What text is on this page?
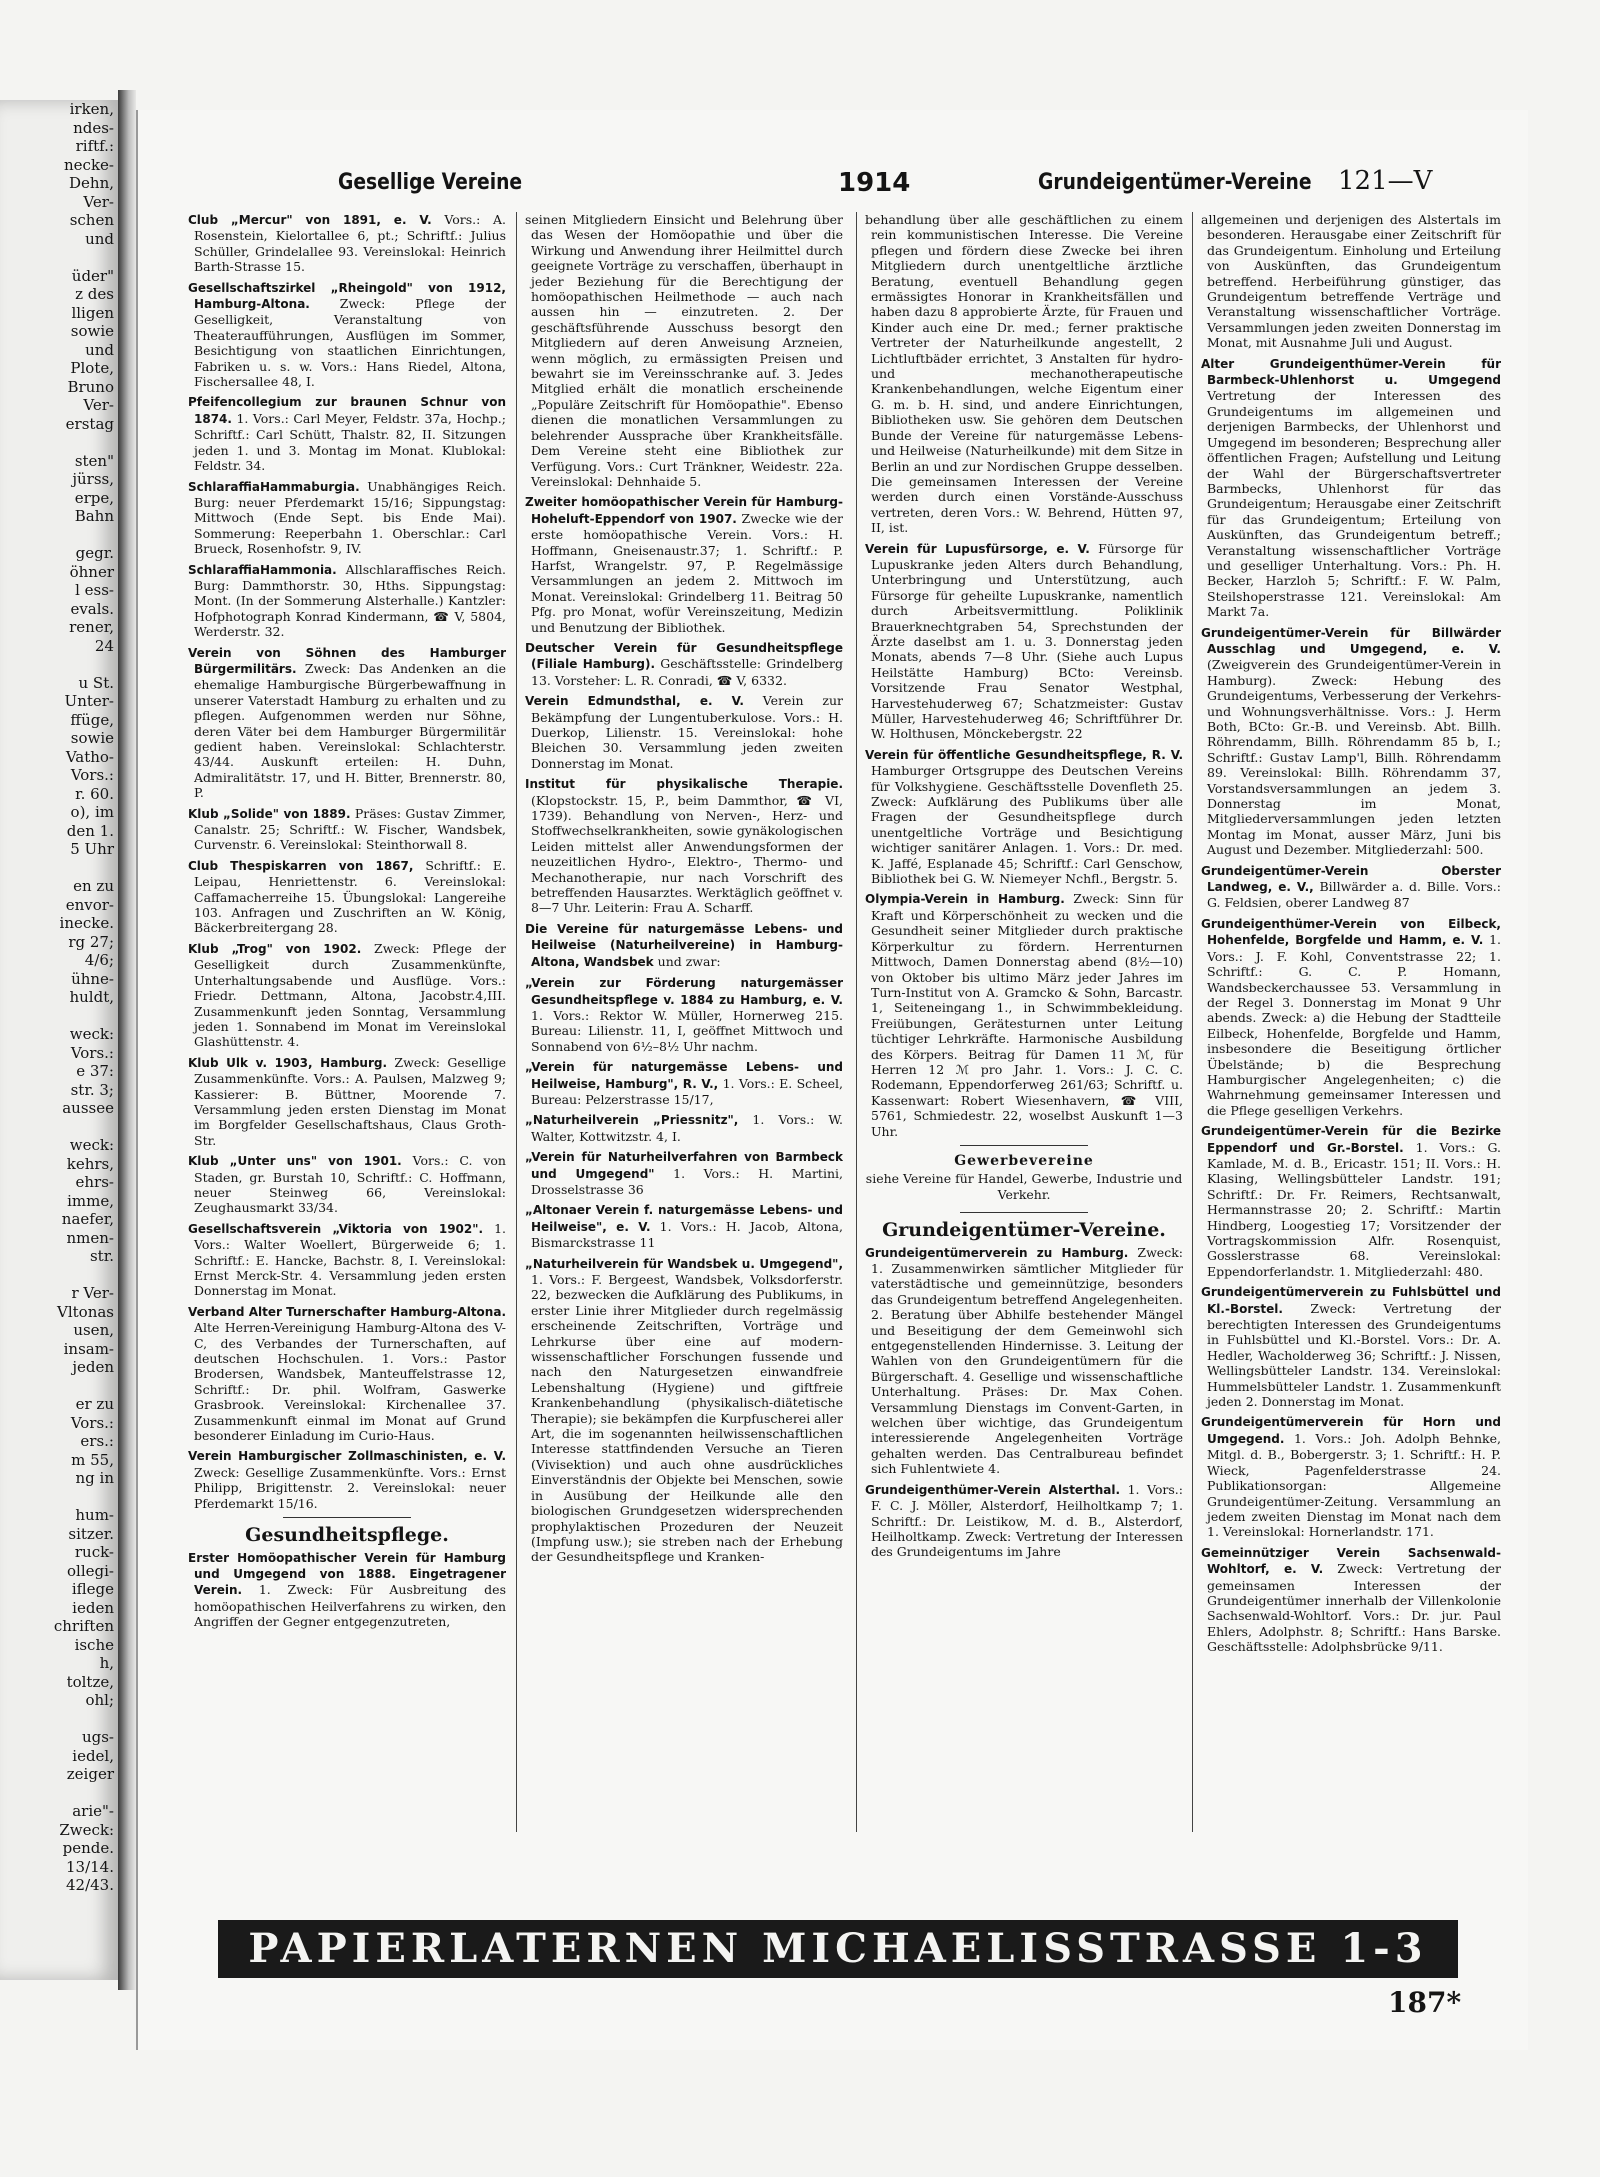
irken,
ndes-
riftf.:
necke-
Dehn,
Ver-
schen
und

üder"
z des
lligen
sowie
und
Plote,
Bruno
Ver-
erstag

sten"
jürss,
erpe,
Bahn

gegr.
öhner
l ess-
evals.
rener,
24

u St.
Unter-
ffüge,
sowie
Vatho-
Vors.:
r. 60.
o), im
den 1.
5 Uhr

en zu
envor-
inecke.
rg 27;
4/6;
ühne-
huldt,

weck:
Vors.:
e 37:
str. 3;
aussee

weck:
kehrs,
ehrs-
imme,
naefer,
nmen-
str.

r Ver-
Vltonas
usen,
insam-
jeden

er zu
Vors.:
ers.:
m 55,
ng in

hum-
sitzer.
ruck-
ollegi-
iflege
ieden
chriften
ische
h,
toltze,
ohl;

ugs-
iedel,
zeiger

arie"-
Zweck:
pende.
13/14.
42/43.
Gesellige Vereine	1914	Grundeigentümer-Vereine 121—V

Club „Mercur" von 1891, e. V. Vors.: A. Rosenstein, Kielortallee 6, pt.; Schriftf.: Julius Schüller, Grindelallee 93. Vereinslokal: Heinrich Barth-Strasse 15.

Gesellschaftszirkel „Rheingold" von 1912, Hamburg-Altona. Zweck: Pflege der Geselligkeit, Veranstaltung von Theateraufführungen, Ausflügen im Sommer, Besichtigung von staatlichen Einrichtungen, Fabriken u. s. w. Vors.: Hans Riedel, Altona, Fischersallee 48, I.

Pfeifencollegium zur braunen Schnur von 1874. 1. Vors.: Carl Meyer, Feldstr. 37a, Hochp.; Schriftf.: Carl Schütt, Thalstr. 82, II. Sitzungen jeden 1. und 3. Montag im Monat. Klublokal: Feldstr. 34.

SchlaraffiaHammaburgia. Unabhängiges Reich. Burg: neuer Pferdemarkt 15/16; Sippungstag: Mittwoch (Ende Sept. bis Ende Mai). Sommerung: Reeperbahn 1. Oberschlar.: Carl Brueck, Rosenhofstr. 9, IV.

SchlaraffiaHammonia. Allschlaraffisches Reich. Burg: Dammthorstr. 30, Hths. Sippungstag: Mont. (In der Sommerung Alsterhalle.) Kantzler: Hofphotograph Konrad Kindermann, ☎ V, 5804, Werderstr. 32.

Verein von Söhnen des Hamburger Bürgermilitärs. Zweck: Das Andenken an die ehemalige Hamburgische Bürgerbewaffnung in unserer Vaterstadt Hamburg zu erhalten und zu pflegen. Aufgenommen werden nur Söhne, deren Väter bei dem Hamburger Bürgermilitär gedient haben. Vereinslokal: Schlachterstr. 43/44. Auskunft erteilen: H. Duhn, Admiralitätstr. 17, und H. Bitter, Brennerstr. 80, P.

Klub „Solide" von 1889. Präses: Gustav Zimmer, Canalstr. 25; Schriftf.: W. Fischer, Wandsbek, Curvenstr. 6. Vereinslokal: Steinthorwall 8.

Club Thespiskarren von 1867, Schriftf.: E. Leipau, Henriettenstr. 6. Vereinslokal: Caffamacherreihe 15. Übungslokal: Langereihe 103. Anfragen und Zuschriften an W. König, Bäckerbreitergang 28.

Klub „Trog" von 1902. Zweck: Pflege der Geselligkeit durch Zusammenkünfte, Unterhaltungsabende und Ausflüge. Vors.: Friedr. Dettmann, Altona, Jacobstr.4,III. Zusammenkunft jeden Sonntag, Versammlung jeden 1. Sonnabend im Monat im Vereinslokal Glashüttenstr. 4.

Klub Ulk v. 1903, Hamburg. Zweck: Gesellige Zusammenkünfte. Vors.: A. Paulsen, Malzweg 9; Kassierer: B. Büttner, Moorende 7. Versammlung jeden ersten Dienstag im Monat im Borgfelder Gesellschaftshaus, Claus Groth-Str.

Klub „Unter uns" von 1901. Vors.: C. von Staden, gr. Burstah 10, Schriftf.: C. Hoffmann, neuer Steinweg 66, Vereinslokal: Zeughausmarkt 33/34.

Gesellschaftsverein „Viktoria von 1902". 1. Vors.: Walter Woellert, Bürgerweide 6; 1. Schriftf.: E. Hancke, Bachstr. 8, I. Vereinslokal: Ernst Merck-Str. 4. Versammlung jeden ersten Donnerstag im Monat.

Verband Alter Turnerschafter Hamburg-Altona. Alte Herren-Vereinigung Hamburg-Altona des V-C, des Verbandes der Turnerschaften, auf deutschen Hochschulen. 1. Vors.: Pastor Brodersen, Wandsbek, Manteuffelstrasse 12, Schriftf.: Dr. phil. Wolfram, Gaswerke Grasbrook. Vereinslokal: Kirchenallee 37. Zusammenkunft einmal im Monat auf Grund besonderer Einladung im Curio-Haus.

Verein Hamburgischer Zollmaschinisten, e. V. Zweck: Gesellige Zusammenkünfte. Vors.: Ernst Philipp, Brigittenstr. 2. Vereinslokal: neuer Pferdemarkt 15/16.

Gesundheitspflege.

Erster Homöopathischer Verein für Hamburg und Umgegend von 1888. Eingetragener Verein. 1. Zweck: Für Ausbreitung des homöopathischen Heilverfahrens zu wirken, den Angriffen der Gegner entgegenzutreten,

seinen Mitgliedern Einsicht und Belehrung über das Wesen der Homöopathie und über die Wirkung und Anwendung ihrer Heilmittel durch geeignete Vorträge zu verschaffen, überhaupt in jeder Beziehung für die Berechtigung der homöopathischen Heilmethode — auch nach aussen hin — einzutreten. 2. Der geschäftsführende Ausschuss besorgt den Mitgliedern auf deren Anweisung Arzneien, wenn möglich, zu ermässigten Preisen und bewahrt sie im Vereinsschranke auf. 3. Jedes Mitglied erhält die monatlich erscheinende „Populäre Zeitschrift für Homöopathie". Ebenso dienen die monatlichen Versammlungen zu belehrender Aussprache über Krankheitsfälle. Dem Vereine steht eine Bibliothek zur Verfügung. Vors.: Curt Tränkner, Weidestr. 22a. Vereinslokal: Dehnhaide 5.

Zweiter homöopathischer Verein für Hamburg-Hoheluft-Eppendorf von 1907. Zwecke wie der erste homöopathische Verein. Vors.: H. Hoffmann, Gneisenaustr.37; 1. Schriftf.: P. Harfst, Wrangelstr. 97, P. Regelmässige Versammlungen an jedem 2. Mittwoch im Monat. Vereinslokal: Grindelberg 11. Beitrag 50 Pfg. pro Monat, wofür Vereinszeitung, Medizin und Benutzung der Bibliothek.

Deutscher Verein für Gesundheitspflege (Filiale Hamburg). Geschäftsstelle: Grindelberg 13. Vorsteher: L. R. Conradi, ☎ V, 6332.

Verein Edmundsthal, e. V. Verein zur Bekämpfung der Lungentuberkulose. Vors.: H. Duerkop, Lilienstr. 15. Vereinslokal: hohe Bleichen 30. Versammlung jeden zweiten Donnerstag im Monat.

Institut für physikalische Therapie. (Klopstockstr. 15, P., beim Dammthor, ☎ VI, 1739). Behandlung von Nerven-, Herz- und Stoffwechselkrankheiten, sowie gynäkologischen Leiden mittelst aller Anwendungsformen der neuzeitlichen Hydro-, Elektro-, Thermo- und Mechanotherapie, nur nach Vorschrift des betreffenden Hausarztes. Werktäglich geöffnet v. 8—7 Uhr. Leiterin: Frau A. Scharff.

Die Vereine für naturgemässe Lebens- und Heilweise (Naturheilvereine) in Hamburg-Altona, Wandsbek und zwar:

„Verein zur Förderung naturgemässer Gesundheitspflege v. 1884 zu Hamburg, e. V. 1. Vors.: Rektor W. Müller, Hornerweg 215. Bureau: Lilienstr. 11, I, geöffnet Mittwoch und Sonnabend von 6½–8½ Uhr nachm.

„Verein für naturgemässe Lebens- und Heilweise, Hamburg", R. V., 1. Vors.: E. Scheel, Bureau: Pelzerstrasse 15/17,

„Naturheilverein „Priessnitz", 1. Vors.: W. Walter, Kottwitzstr. 4, I.

„Verein für Naturheilverfahren von Barmbeck und Umgegend" 1. Vors.: H. Martini, Drosselstrasse 36

„Altonaer Verein f. naturgemässe Lebens- und Heilweise", e. V. 1. Vors.: H. Jacob, Altona, Bismarckstrasse 11

„Naturheilverein für Wandsbek u. Umgegend", 1. Vors.: F. Bergeest, Wandsbek, Volksdorferstr. 22, bezwecken die Aufklärung des Publikums, in erster Linie ihrer Mitglieder durch regelmässig erscheinende Zeitschriften, Vorträge und Lehrkurse über eine auf modern-wissenschaftlicher Forschungen fussende und nach den Naturgesetzen einwandfreie Lebenshaltung (Hygiene) und giftfreie Krankenbehandlung (physikalisch-diätetische Therapie); sie bekämpfen die Kurpfuscherei aller Art, die im sogenannten heilwissenschaftlichen Interesse stattfindenden Versuche an Tieren (Vivisektion) und auch ohne ausdrückliches Einverständnis der Objekte bei Menschen, sowie in Ausübung der Heilkunde alle den biologischen Grundgesetzen widersprechenden prophylaktischen Prozeduren der Neuzeit (Impfung usw.); sie streben nach der Erhebung der Gesundheitspflege und Kranken-

behandlung über alle geschäftlichen zu einem rein kommunistischen Interesse. Die Vereine pflegen und fördern diese Zwecke bei ihren Mitgliedern durch unentgeltliche ärztliche Beratung, eventuell Behandlung gegen ermässigtes Honorar in Krankheitsfällen und haben dazu 8 approbierte Ärzte, für Frauen und Kinder auch eine Dr. med.; ferner praktische Vertreter der Naturheilkunde angestellt, 2 Lichtluftbäder errichtet, 3 Anstalten für hydro- und mechanotherapeutische Krankenbehandlungen, welche Eigentum einer G. m. b. H. sind, und andere Einrichtungen, Bibliotheken usw. Sie gehören dem Deutschen Bunde der Vereine für naturgemässe Lebens- und Heilweise (Naturheilkunde) mit dem Sitze in Berlin an und zur Nordischen Gruppe desselben. Die gemeinsamen Interessen der Vereine werden durch einen Vorstände-Ausschuss vertreten, deren Vors.: W. Behrend, Hütten 97, II, ist.

Verein für Lupusfürsorge, e. V. Fürsorge für Lupuskranke jeden Alters durch Behandlung, Unterbringung und Unterstützung, auch Fürsorge für geheilte Lupuskranke, namentlich durch Arbeitsvermittlung. Poliklinik Brauerknechtgraben 54, Sprechstunden der Ärzte daselbst am 1. u. 3. Donnerstag jeden Monats, abends 7—8 Uhr. (Siehe auch Lupus Heilstätte Hamburg) BCto: Vereinsb. Vorsitzende Frau Senator Westphal, Harvestehuderweg 67; Schatzmeister: Gustav Müller, Harvestehuderweg 46; Schriftführer Dr. W. Holthusen, Mönckebergstr. 22

Verein für öffentliche Gesundheitspflege, R. V. Hamburger Ortsgruppe des Deutschen Vereins für Volkshygiene. Geschäftsstelle Dovenfleth 25. Zweck: Aufklärung des Publikums über alle Fragen der Gesundheitspflege durch unentgeltliche Vorträge und Besichtigung wichtiger sanitärer Anlagen. 1. Vors.: Dr. med. K. Jaffé, Esplanade 45; Schriftf.: Carl Genschow, Bibliothek bei G. W. Niemeyer Nchfl., Bergstr. 5.

Olympia-Verein in Hamburg. Zweck: Sinn für Kraft und Körperschönheit zu wecken und die Gesundheit seiner Mitglieder durch praktische Körperkultur zu fördern. Herrenturnen Mittwoch, Damen Donnerstag abend (8½—10) von Oktober bis ultimo März jeder Jahres im Turn-Institut von A. Gramcko & Sohn, Barcastr. 1, Seiteneingang 1., in Schwimmbekleidung. Freiübungen, Gerätesturnen unter Leitung tüchtiger Lehrkräfte. Harmonische Ausbildung des Körpers. Beitrag für Damen 11 ℳ, für Herren 12 ℳ pro Jahr. 1. Vors.: J. C. C. Rodemann, Eppendorferweg 261/63; Schriftf. u. Kassenwart: Robert Wiesenhavern, ☎ VIII, 5761, Schmiedestr. 22, woselbst Auskunft 1—3 Uhr.

Gewerbevereine
siehe Vereine für Handel, Gewerbe, Industrie und Verkehr.
Grundeigentümer-Vereine.

Grundeigentümerverein zu Hamburg. Zweck: 1. Zusammenwirken sämtlicher Mitglieder für vaterstädtische und gemeinnützige, besonders das Grundeigentum betreffend Angelegenheiten. 2. Beratung über Abhilfe bestehender Mängel und Beseitigung der dem Gemeinwohl sich entgegenstellenden Hindernisse. 3. Leitung der Wahlen von den Grundeigentümern für die Bürgerschaft. 4. Gesellige und wissenschaftliche Unterhaltung. Präses: Dr. Max Cohen. Versammlung Dienstags im Convent-Garten, in welchen über wichtige, das Grundeigentum interessierende Angelegenheiten Vorträge gehalten werden. Das Centralbureau befindet sich Fuhlentwiete 4.

Grundeigenthümer-Verein Alsterthal. 1. Vors.: F. C. J. Möller, Alsterdorf, Heilholtkamp 7; 1. Schriftf.: Dr. Leistikow, M. d. B., Alsterdorf, Heilholtkamp. Zweck: Vertretung der Interessen des Grundeigentums im Jahre

allgemeinen und derjenigen des Alstertals im besonderen. Herausgabe einer Zeitschrift für das Grundeigentum. Einholung und Erteilung von Auskünften, das Grundeigentum betreffend. Herbeiführung günstiger, das Grundeigentum betreffende Verträge und Veranstaltung wissenschaftlicher Vorträge. Versammlungen jeden zweiten Donnerstag im Monat, mit Ausnahme Juli und August.

Alter Grundeigenthümer-Verein für Barmbeck-Uhlenhorst u. Umgegend Vertretung der Interessen des Grundeigentums im allgemeinen und derjenigen Barmbecks, der Uhlenhorst und Umgegend im besonderen; Besprechung aller öffentlichen Fragen; Aufstellung und Leitung der Wahl der Bürgerschaftsvertreter Barmbecks, Uhlenhorst für das Grundeigentum; Herausgabe einer Zeitschrift für das Grundeigentum; Erteilung von Auskünften, das Grundeigentum betreff.; Veranstaltung wissenschaftlicher Vorträge und geselliger Unterhaltung. Vors.: Ph. H. Becker, Harzloh 5; Schriftf.: F. W. Palm, Steilshoperstrasse 121. Vereinslokal: Am Markt 7a.

Grundeigentümer-Verein für Billwärder Ausschlag und Umgegend, e. V. (Zweigverein des Grundeigentümer-Verein in Hamburg). Zweck: Hebung des Grundeigentums, Verbesserung der Verkehrs- und Wohnungsverhältnisse. Vors.: J. Herm Both, BCto: Gr.-B. und Vereinsb. Abt. Billh. Röhrendamm, Billh. Röhrendamm 85 b, I.; Schriftf.: Gustav Lamp'l, Billh. Röhrendamm 89. Vereinslokal: Billh. Röhrendamm 37, Vorstandsversammlungen an jedem 3. Donnerstag im Monat, Mitgliederversammlungen jeden letzten Montag im Monat, ausser März, Juni bis August und Dezember. Mitgliederzahl: 500.

Grundeigentümer-Verein Oberster Landweg, e. V., Billwärder a. d. Bille. Vors.: G. Feldsien, oberer Landweg 87

Grundeigenthümer-Verein von Eilbeck, Hohenfelde, Borgfelde und Hamm, e. V. 1. Vors.: J. F. Kohl, Conventstrasse 22; 1. Schriftf.: G. C. P. Homann, Wandsbeckerchaussee 53. Versammlung in der Regel 3. Donnerstag im Monat 9 Uhr abends. Zweck: a) die Hebung der Stadtteile Eilbeck, Hohenfelde, Borgfelde und Hamm, insbesondere die Beseitigung örtlicher Übelstände; b) die Besprechung Hamburgischer Angelegenheiten; c) die Wahrnehmung gemeinsamer Interessen und die Pflege geselligen Verkehrs.

Grundeigentümer-Verein für die Bezirke Eppendorf und Gr.-Borstel. 1. Vors.: G. Kamlade, M. d. B., Ericastr. 151; II. Vors.: H. Klasing, Wellingsbütteler Landstr. 191; Schriftf.: Dr. Fr. Reimers, Rechtsanwalt, Hermannstrasse 20; 2. Schriftf.: Martin Hindberg, Loogestieg 17; Vorsitzender der Vortragskommission Alfr. Rosenquist, Gosslerstrasse 68. Vereinslokal: Eppendorferlandstr. 1. Mitgliederzahl: 480.

Grundeigentümerverein zu Fuhlsbüttel und Kl.-Borstel. Zweck: Vertretung der berechtigten Interessen des Grundeigentums in Fuhlsbüttel und Kl.-Borstel. Vors.: Dr. A. Hedler, Wacholderweg 36; Schriftf.: J. Nissen, Wellingsbütteler Landstr. 134. Vereinslokal: Hummelsbütteler Landstr. 1. Zusammenkunft jeden 2. Donnerstag im Monat.

Grundeigentümerverein für Horn und Umgegend. 1. Vors.: Joh. Adolph Behnke, Mitgl. d. B., Bobergerstr. 3; 1. Schriftf.: H. P. Wieck, Pagenfelderstrasse 24. Publikationsorgan: Allgemeine Grundeigentümer-Zeitung. Versammlung an jedem zweiten Dienstag im Monat nach dem 1. Vereinslokal: Hornerlandstr. 171.

Gemeinnütziger Verein Sachsenwald-Wohltorf, e. V. Zweck: Vertretung der gemeinsamen Interessen der Grundeigentümer innerhalb der Villenkolonie Sachsenwald-Wohltorf. Vors.: Dr. jur. Paul Ehlers, Adolphstr. 8; Schriftf.: Hans Barske. Geschäftsstelle: Adolphsbrücke 9/11.

PAPIERLATERNEN MICHAELISSTRASSE 1-3
187*
